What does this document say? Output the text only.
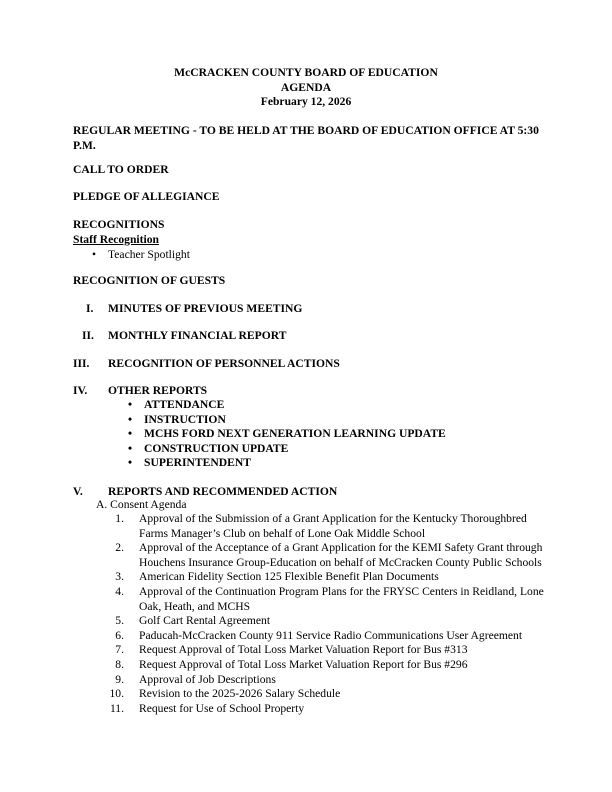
McCRACKEN COUNTY BOARD OF EDUCATION
AGENDA
February 12, 2026
REGULAR MEETING - TO BE HELD AT THE BOARD OF EDUCATION OFFICE AT 5:30 P.M.
CALL TO ORDER
PLEDGE OF ALLEGIANCE
RECOGNITIONS
Staff Recognition
• Teacher Spotlight
RECOGNITION OF GUESTS
I. MINUTES OF PREVIOUS MEETING
II. MONTHLY FINANCIAL REPORT
III. RECOGNITION OF PERSONNEL ACTIONS
IV. OTHER REPORTS
• ATTENDANCE
• INSTRUCTION
• MCHS FORD NEXT GENERATION LEARNING UPDATE
• CONSTRUCTION UPDATE
• SUPERINTENDENT
V. REPORTS AND RECOMMENDED ACTION
A. Consent Agenda
1. Approval of the Submission of a Grant Application for the Kentucky Thoroughbred Farms Manager’s Club on behalf of Lone Oak Middle School
2. Approval of the Acceptance of a Grant Application for the KEMI Safety Grant through Houchens Insurance Group-Education on behalf of McCracken County Public Schools
3. American Fidelity Section 125 Flexible Benefit Plan Documents
4. Approval of the Continuation Program Plans for the FRYSC Centers in Reidland, Lone Oak, Heath, and MCHS
5. Golf Cart Rental Agreement
6. Paducah-McCracken County 911 Service Radio Communications User Agreement
7. Request Approval of Total Loss Market Valuation Report for Bus #313
8. Request Approval of Total Loss Market Valuation Report for Bus #296
9. Approval of Job Descriptions
10. Revision to the 2025-2026 Salary Schedule
11. Request for Use of School Property
